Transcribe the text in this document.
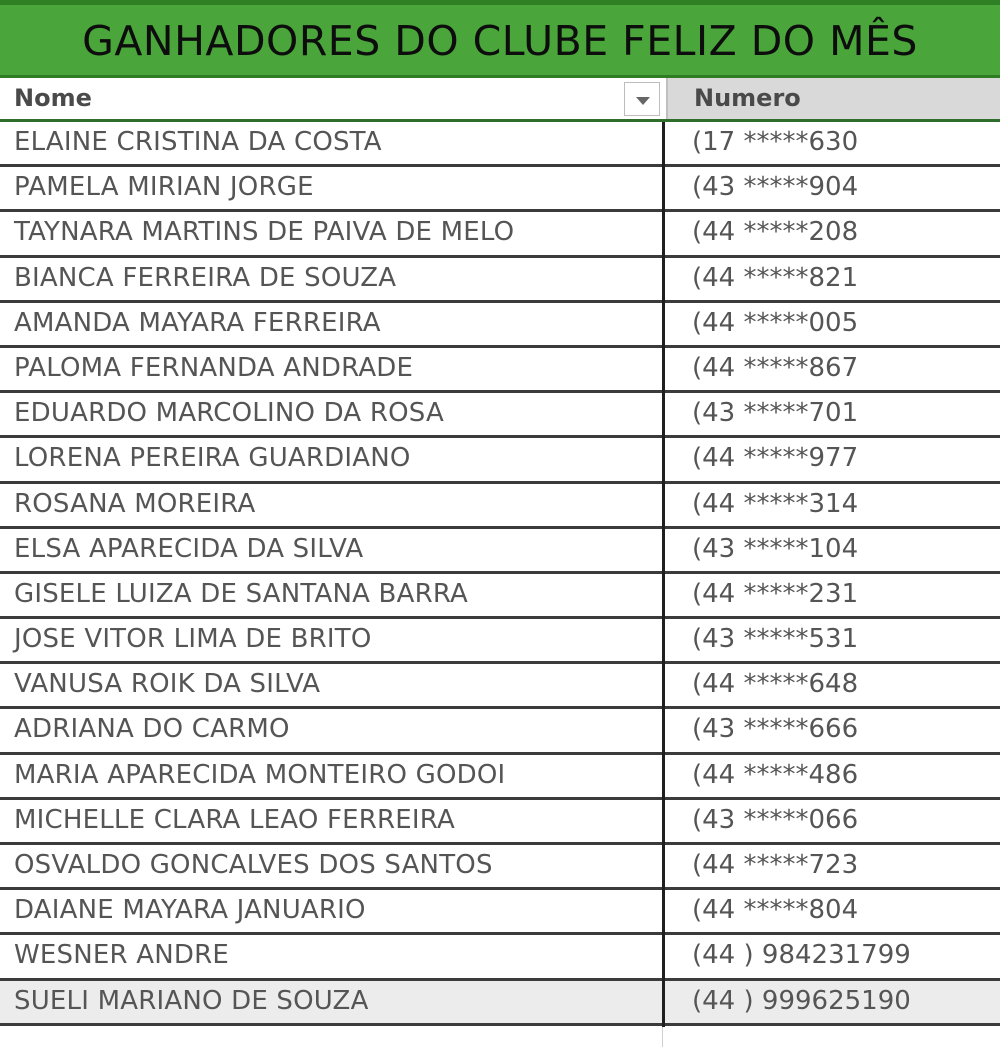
GANHADORES DO CLUBE FELIZ DO MÊS
Nome	Numero
ELAINE CRISTINA DA COSTA	(17 *****630
PAMELA MIRIAN JORGE	(43 *****904
TAYNARA MARTINS DE PAIVA DE MELO	(44 *****208
BIANCA FERREIRA DE SOUZA	(44 *****821
AMANDA MAYARA FERREIRA	(44 *****005
PALOMA FERNANDA ANDRADE	(44 *****867
EDUARDO MARCOLINO DA ROSA	(43 *****701
LORENA PEREIRA GUARDIANO	(44 *****977
ROSANA MOREIRA	(44 *****314
ELSA APARECIDA DA SILVA	(43 *****104
GISELE LUIZA DE SANTANA BARRA	(44 *****231
JOSE VITOR LIMA DE BRITO	(43 *****531
VANUSA ROIK DA SILVA	(44 *****648
ADRIANA DO CARMO	(43 *****666
MARIA APARECIDA MONTEIRO GODOI	(44 *****486
MICHELLE CLARA LEAO FERREIRA	(43 *****066
OSVALDO GONCALVES DOS SANTOS	(44 *****723
DAIANE MAYARA JANUARIO	(44 *****804
WESNER ANDRE	(44 ) 984231799
SUELI MARIANO DE SOUZA	(44 ) 999625190
